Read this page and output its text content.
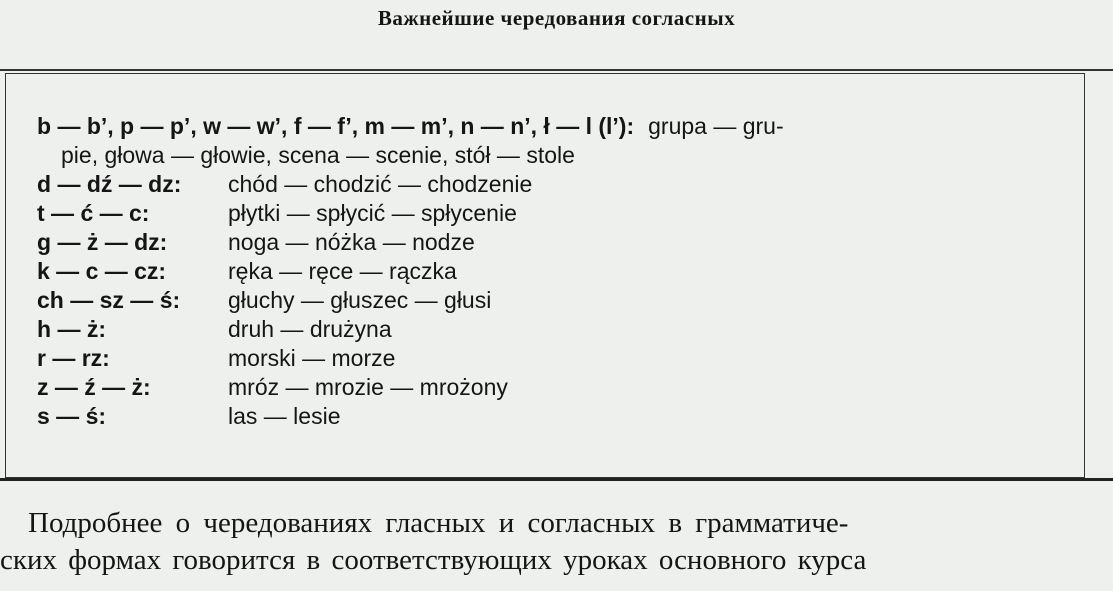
Важнейшие чередования согласных
b — b’, p — p’, w — w’, f — f’, m — m’, n — n’, ł — l (l’): grupa — gru-
pie, głowa — głowie, scena — scenie, stół — stole
d — dź — dz: chód — chodzić — chodzenie
t — ć — c:	płytki — spłycić — spłycenie
g — ż — dz:	noga — nóżka — nodze
k — c — cz:	ręka — ręce — rączka
ch — sz — ś: głuchy — głuszec — głusi
h — ż:	druh — drużyna
r — rz:	morski — morze
z — ź — ż:	mróz — mrozie — mrożony
s — ś:	las — lesie
Подробнее о чередованиях гласных и согласных в грамматиче-
ских формах говорится в соответствующих уроках основного курса
